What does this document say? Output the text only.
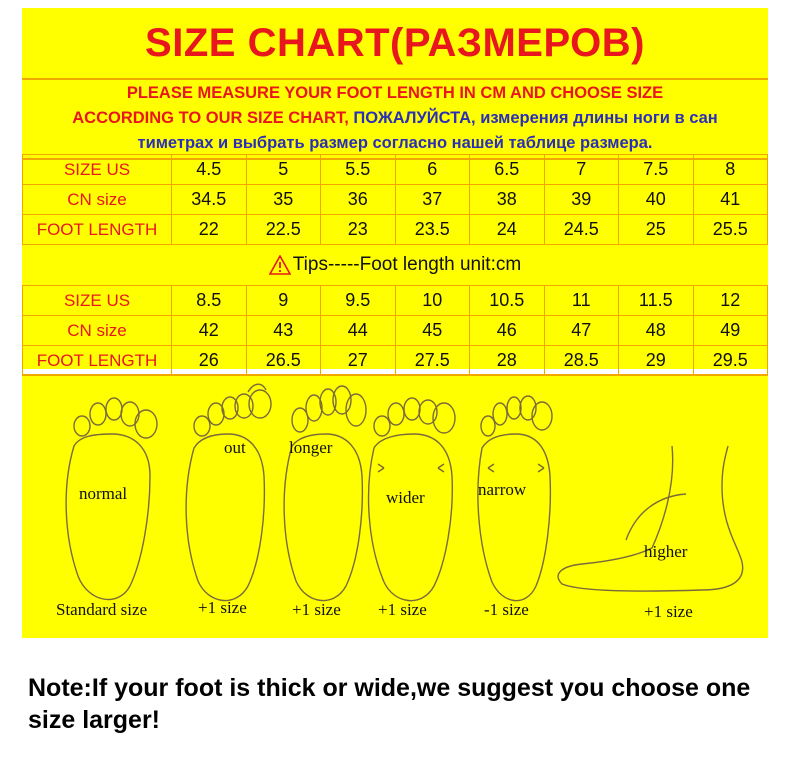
SIZE CHART(РАЗМЕРОВ)
PLEASE MEASURE YOUR FOOT LENGTH IN CM AND CHOOSE SIZE
ACCORDING TO OUR SIZE CHART, ПОЖАЛУЙСТА, измерения длины ноги в сан
тиметрах и выбрать размер согласно нашей таблице размера.
SIZE US	4.5	5	5.5	6	6.5	7	7.5	8
CN size	34.5	35	36	37	38	39	40	41
FOOT LENGTH	22	22.5	23	23.5	24	24.5	25	25.5
Tips-----Foot length unit:cm
SIZE US	8.5	9	9.5	10	10.5	11	11.5	12
CN size	42	43	44	45	46	47	48	49
FOOT LENGTH	26	26.5	27	27.5	28	28.5	29	29.5
normal
out	longer
wider	narrow
higher
Standard size	+1 size	+1 size +1 size	-1 size	+1 size
Note:If your foot is thick or wide,we suggest you choose one size larger!
